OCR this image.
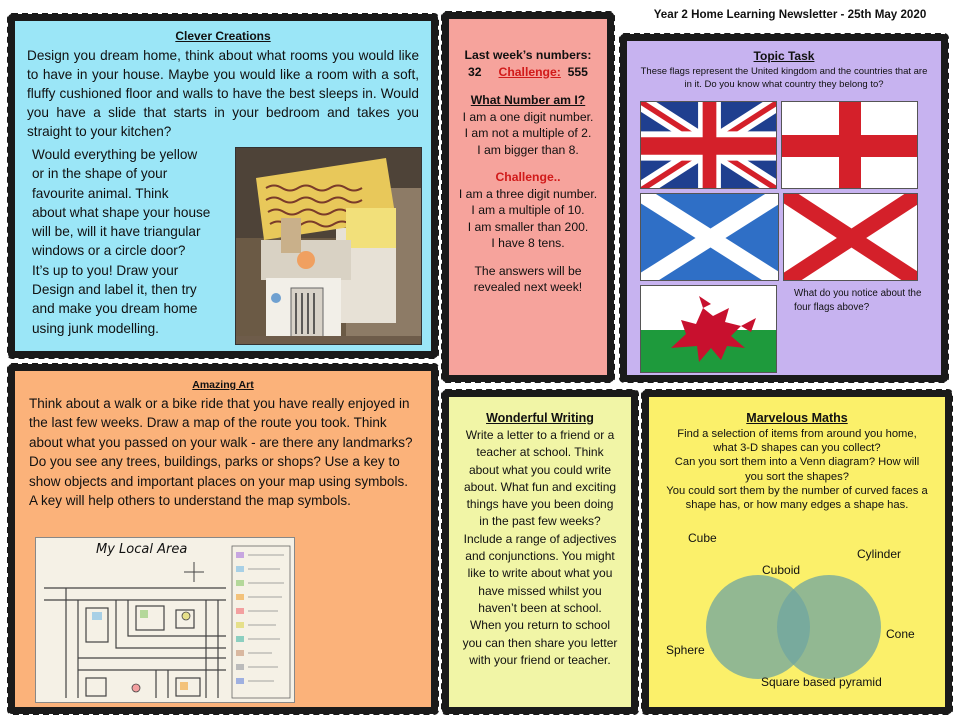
Year 2 Home Learning Newsletter - 25th May 2020
Clever Creations

Design you dream home, think about what rooms you would like to have in your house. Maybe you would like a room with a soft, fluffy cushioned floor and walls to have the best sleeps in. Would you have a slide that starts in your bedroom and takes you straight to your kitchen?

Would everything be yellow
or in the shape of your
favourite animal. Think
about what shape your house
will be, will it have triangular
windows or a circle door?
It’s up to you! Draw your
Design and label it, then try
and make you dream home
using junk modelling.
Last week’s numbers:
32 Challenge: 555
What Number am I?
I am a one digit number.
I am not a multiple of 2.
I am bigger than 8.
Challenge..
I am a three digit number.
I am a multiple of 10.
I am smaller than 200.
I have 8 tens.
The answers will be
revealed next week!
Topic Task

These flags represent the United kingdom and the countries that are in it. Do you know what country they belong to?

What do you notice about the four flags above?

Amazing Art

Think about a walk or a bike ride that you have really enjoyed in the last few weeks. Draw a map of the route you took. Think about what you passed on your walk - are there any landmarks? Do you see any trees, buildings, parks or shops? Use a key to show objects and important places on your map using symbols. A key will help others to understand the map symbols.

My Local Area
Wonderful Writing
Write a letter to a friend or a
teacher at school. Think
about what you could write
about. What fun and exciting
things have you been doing
in the past few weeks?
Include a range of adjectives
and conjunctions. You might
like to write about what you
have missed whilst you
haven’t been at school.
When you return to school
you can then share you letter
with your friend or teacher.
Marvelous Maths
Find a selection of items from around you home,
what 3-D shapes can you collect?
Can you sort them into a Venn diagram? How will
you sort the shapes?
You could sort them by the number of curved faces a
shape has, or how many edges a shape has.
Cube
Cylinder
Cuboid
Sphere
Cone
Square based pyramid
